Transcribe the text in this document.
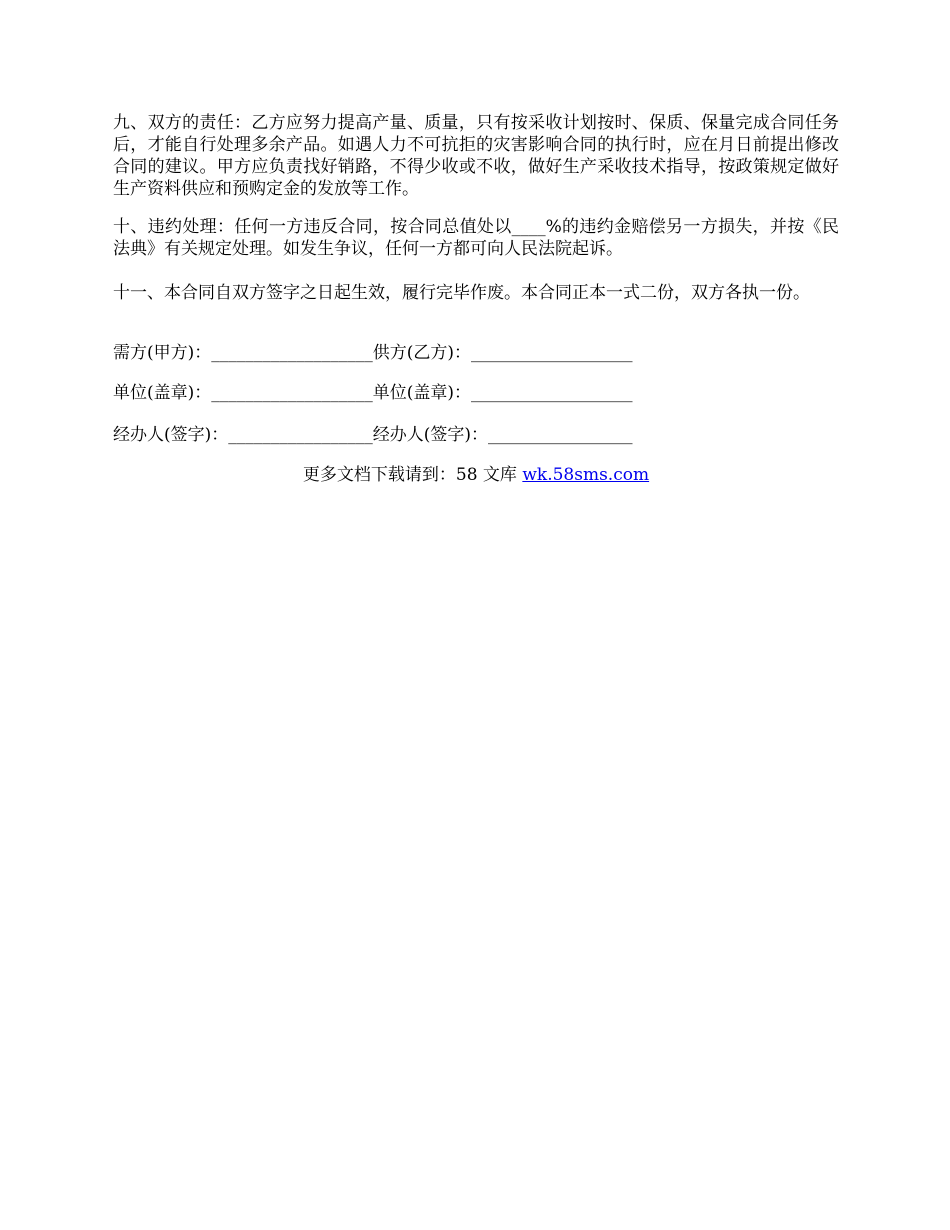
九、双方的责任：乙方应努力提高产量、质量，只有按采收计划按时、保质、保量完成合同任务后，才能自行处理多余产品。如遇人力不可抗拒的灾害影响合同的执行时，应在月日前提出修改合同的建议。甲方应负责找好销路，不得少收或不收，做好生产采收技术指导，按政策规定做好生产资料供应和预购定金的发放等工作。

十、违约处理：任何一方违反合同，按合同总值处以____%的违约金赔偿另一方损失，并按《民法典》有关规定处理。如发生争议，任何一方都可向人民法院起诉。

十一、本合同自双方签字之日起生效，履行完毕作废。本合同正本一式二份，双方各执一份。

需方(甲方)：___________________供方(乙方)：___________________
单位(盖章)：___________________单位(盖章)：___________________
经办人(签字)：_________________经办人(签字)：_________________
更多文档下载请到：58 文库 wk.58sms.com
